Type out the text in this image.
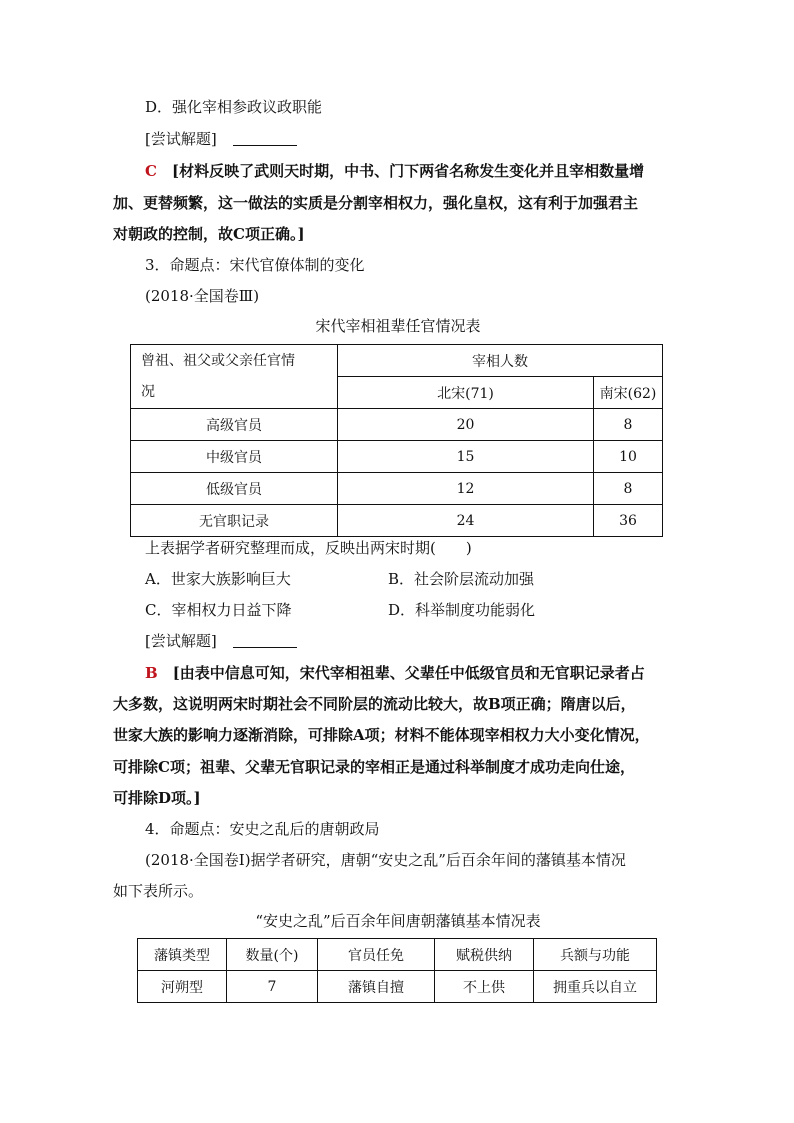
D．强化宰相参政议政职能
[尝试解题]
C　 [材料反映了武则天时期，中书、门下两省名称发生变化并且宰相数量增
加、更替频繁，这一做法的实质是分割宰相权力，强化皇权，这有利于加强君主
对朝政的控制，故C项正确。]
3．命题点：宋代官僚体制的变化
(2018·全国卷Ⅲ)
宋代宰相祖辈任官情况表
曾祖、祖父或父亲任官情
况	宰相人数	
	北宋(71)	南宋(62)
高级官员	20	8
中级官员	15	10
低级官员	12	8
无官职记录	24	36
上表据学者研究整理而成，反映出两宋时期(　　)
A．世家大族影响巨大	B．社会阶层流动加强
C．宰相权力日益下降	D．科举制度功能弱化
[尝试解题]
B　 [由表中信息可知，宋代宰相祖辈、父辈任中低级官员和无官职记录者占
大多数，这说明两宋时期社会不同阶层的流动比较大，故B项正确；隋唐以后，
世家大族的影响力逐渐消除，可排除A项；材料不能体现宰相权力大小变化情况，
可排除C项；祖辈、父辈无官职记录的宰相正是通过科举制度才成功走向仕途，
可排除D项。]
4．命题点：安史之乱后的唐朝政局
(2018·全国卷Ⅰ)据学者研究，唐朝“安史之乱”后百余年间的藩镇基本情况
如下表所示。
“安史之乱”后百余年间唐朝藩镇基本情况表
藩镇类型	数量(个)	官员任免	赋税供纳	兵额与功能
河朔型	7	藩镇自擅	不上供	拥重兵以自立
